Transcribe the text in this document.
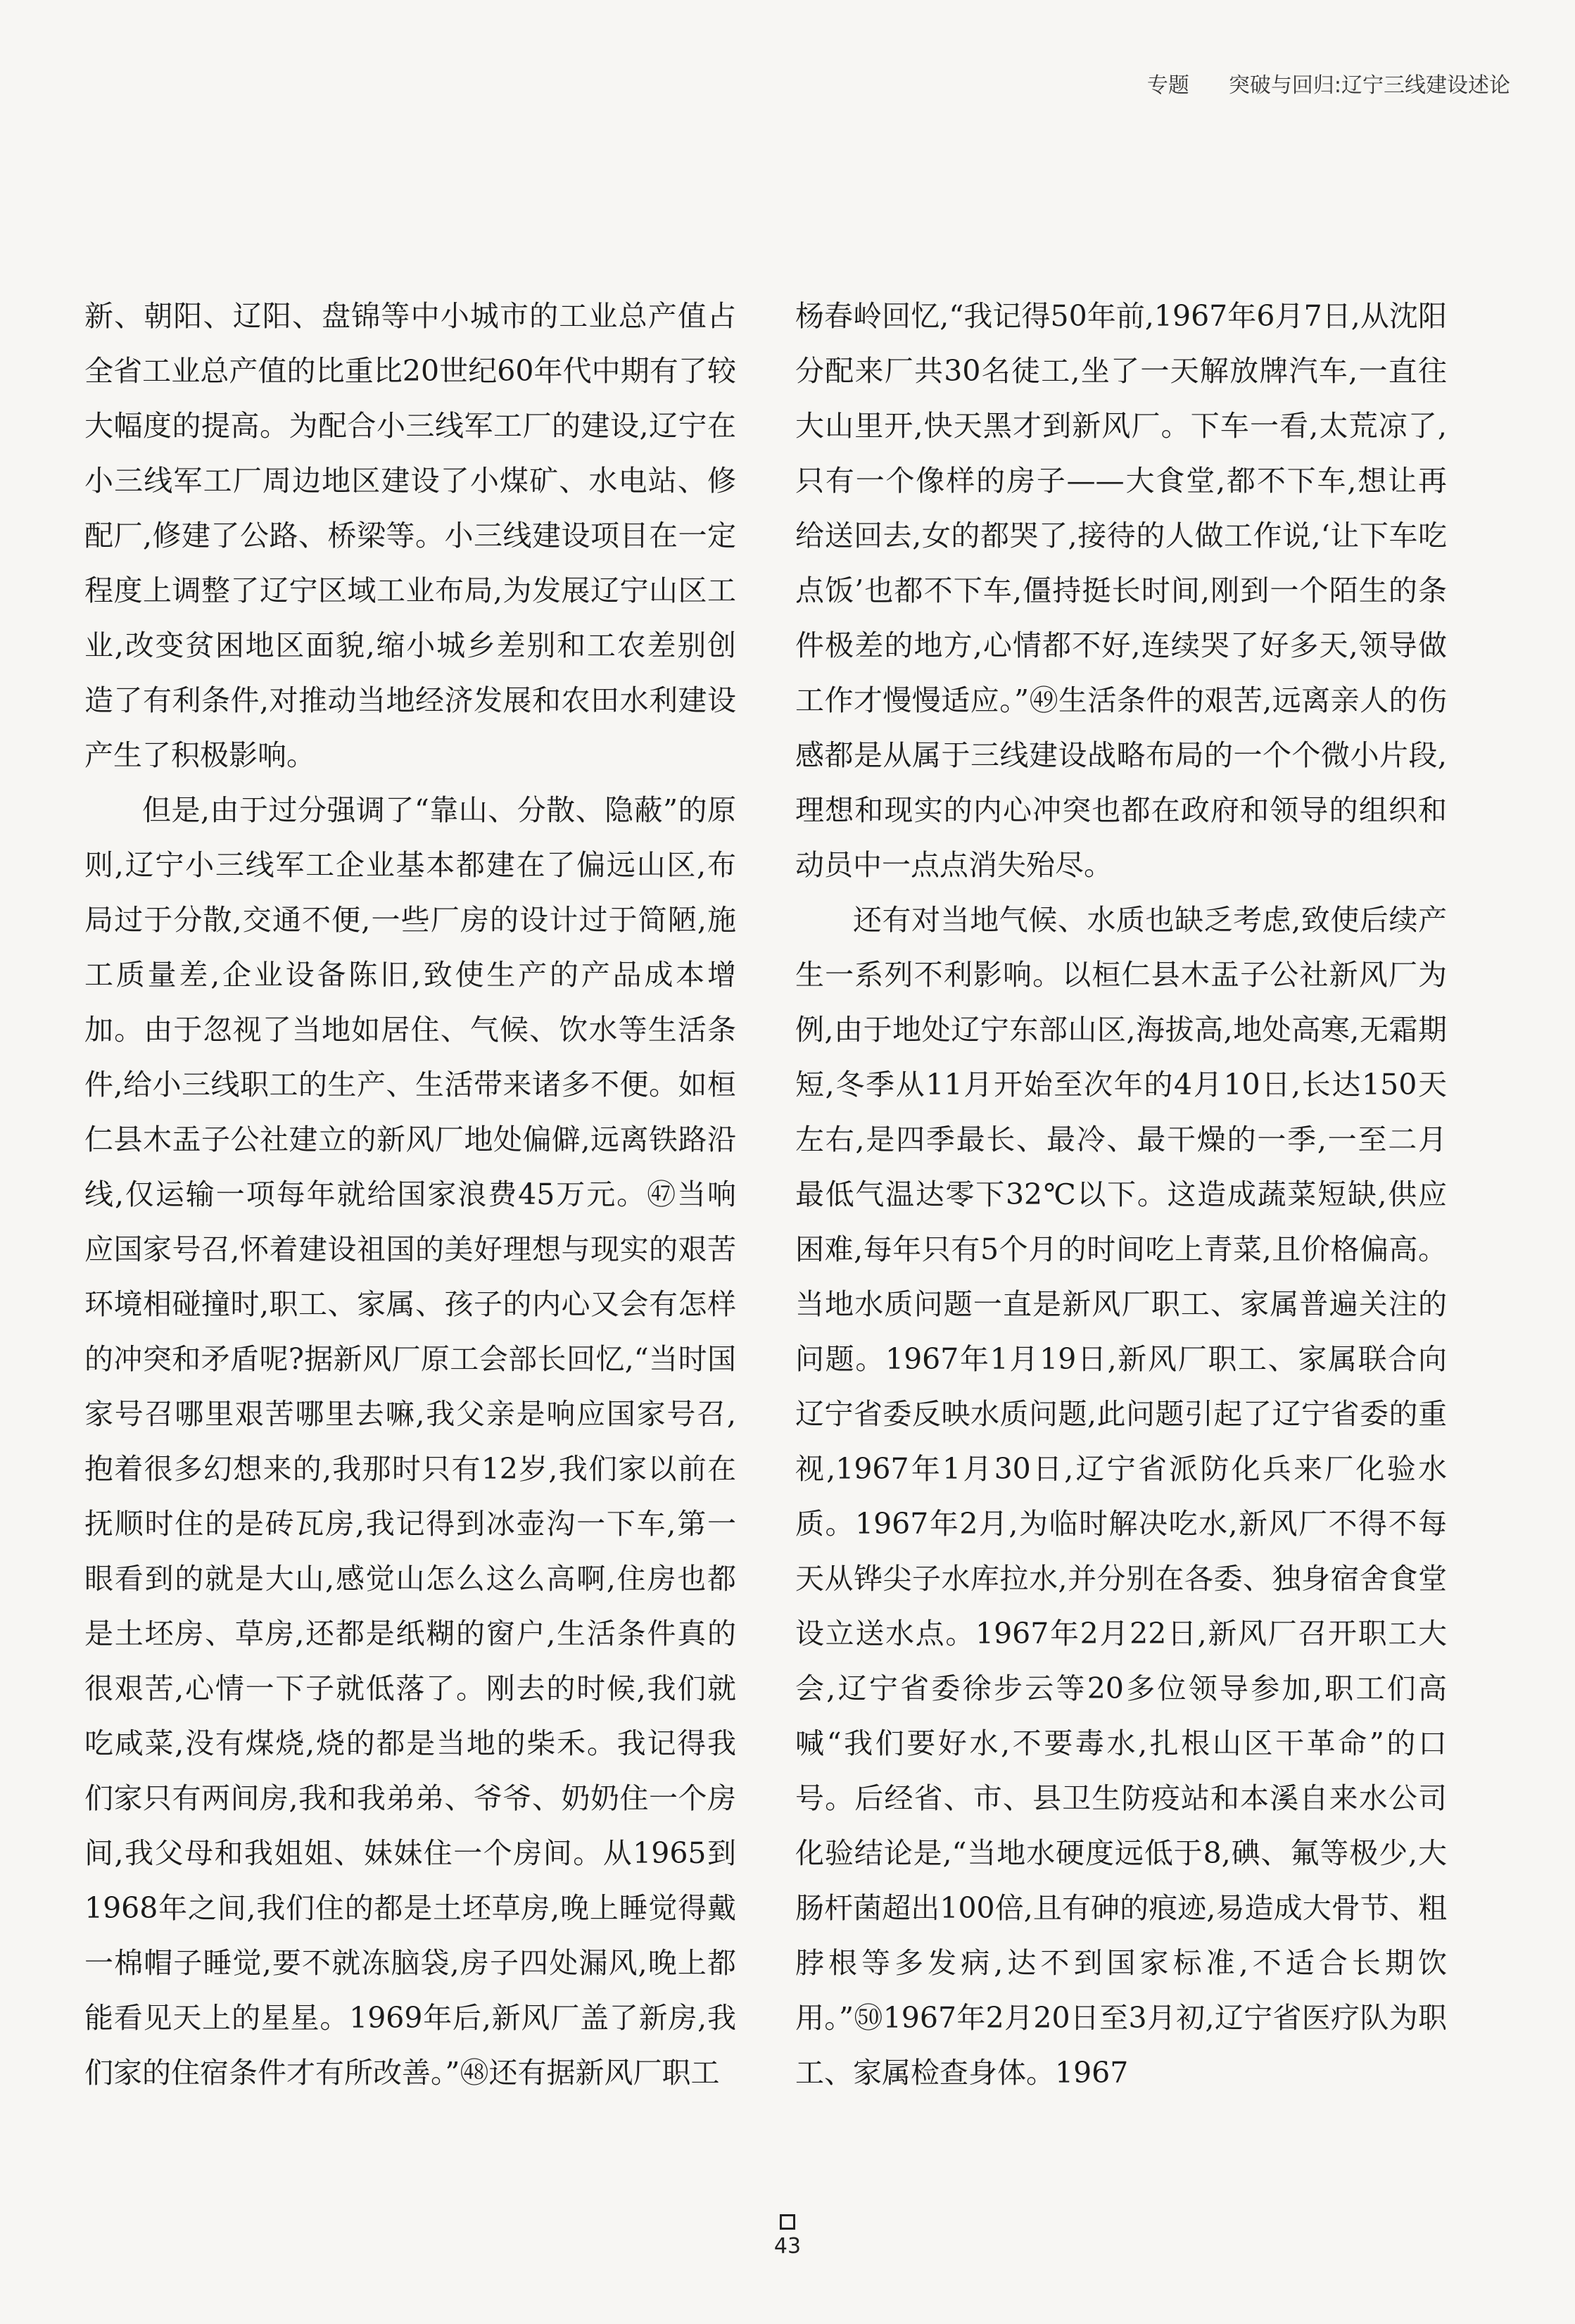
专题 突破与回归:辽宁三线建设述论

新、朝阳、辽阳、盘锦等中小城市的工业总产值占全省工业总产值的比重比20世纪60年代中期有了较大幅度的提高。为配合小三线军工厂的建设,辽宁在小三线军工厂周边地区建设了小煤矿、水电站、修配厂,修建了公路、桥梁等。小三线建设项目在一定程度上调整了辽宁区域工业布局,为发展辽宁山区工业,改变贫困地区面貌,缩小城乡差别和工农差别创造了有利条件,对推动当地经济发展和农田水利建设产生了积极影响。

但是,由于过分强调了“靠山、分散、隐蔽”的原则,辽宁小三线军工企业基本都建在了偏远山区,布局过于分散,交通不便,一些厂房的设计过于简陋,施工质量差,企业设备陈旧,致使生产的产品成本增加。由于忽视了当地如居住、气候、饮水等生活条件,给小三线职工的生产、生活带来诸多不便。如桓仁县木盂子公社建立的新风厂地处偏僻,远离铁路沿线,仅运输一项每年就给国家浪费45万元。㊼当响应国家号召,怀着建设祖国的美好理想与现实的艰苦环境相碰撞时,职工、家属、孩子的内心又会有怎样的冲突和矛盾呢?据新风厂原工会部长回忆,“当时国家号召哪里艰苦哪里去嘛,我父亲是响应国家号召,抱着很多幻想来的,我那时只有12岁,我们家以前在抚顺时住的是砖瓦房,我记得到冰壶沟一下车,第一眼看到的就是大山,感觉山怎么这么高啊,住房也都是土坯房、草房,还都是纸糊的窗户,生活条件真的很艰苦,心情一下子就低落了。刚去的时候,我们就吃咸菜,没有煤烧,烧的都是当地的柴禾。我记得我们家只有两间房,我和我弟弟、爷爷、奶奶住一个房间,我父母和我姐姐、妹妹住一个房间。从1965到1968年之间,我们住的都是土坯草房,晚上睡觉得戴一棉帽子睡觉,要不就冻脑袋,房子四处漏风,晚上都能看见天上的星星。1969年后,新风厂盖了新房,我们家的住宿条件才有所改善。”㊽还有据新风厂职工

杨春岭回忆,“我记得50年前,1967年6月7日,从沈阳分配来厂共30名徒工,坐了一天解放牌汽车,一直往大山里开,快天黑才到新风厂。下车一看,太荒凉了,只有一个像样的房子——大食堂,都不下车,想让再给送回去,女的都哭了,接待的人做工作说,‘让下车吃点饭’也都不下车,僵持挺长时间,刚到一个陌生的条件极差的地方,心情都不好,连续哭了好多天,领导做工作才慢慢适应。”㊾生活条件的艰苦,远离亲人的伤感都是从属于三线建设战略布局的一个个微小片段,理想和现实的内心冲突也都在政府和领导的组织和动员中一点点消失殆尽。

还有对当地气候、水质也缺乏考虑,致使后续产生一系列不利影响。以桓仁县木盂子公社新风厂为例,由于地处辽宁东部山区,海拔高,地处高寒,无霜期短,冬季从11月开始至次年的4月10日,长达150天左右,是四季最长、最冷、最干燥的一季,一至二月最低气温达零下32℃以下。这造成蔬菜短缺,供应困难,每年只有5个月的时间吃上青菜,且价格偏高。当地水质问题一直是新风厂职工、家属普遍关注的问题。1967年1月19日,新风厂职工、家属联合向辽宁省委反映水质问题,此问题引起了辽宁省委的重视,1967年1月30日,辽宁省派防化兵来厂化验水质。1967年2月,为临时解决吃水,新风厂不得不每天从铧尖子水库拉水,并分别在各委、独身宿舍食堂设立送水点。1967年2月22日,新风厂召开职工大会,辽宁省委徐步云等20多位领导参加,职工们高喊“我们要好水,不要毒水,扎根山区干革命”的口号。后经省、市、县卫生防疫站和本溪自来水公司化验结论是,“当地水硬度远低于8,碘、氟等极少,大肠杆菌超出100倍,且有砷的痕迹,易造成大骨节、粗脖根等多发病,达不到国家标准,不适合长期饮用。”㊿1967年2月20日至3月初,辽宁省医疗队为职工、家属检查身体。1967

43
